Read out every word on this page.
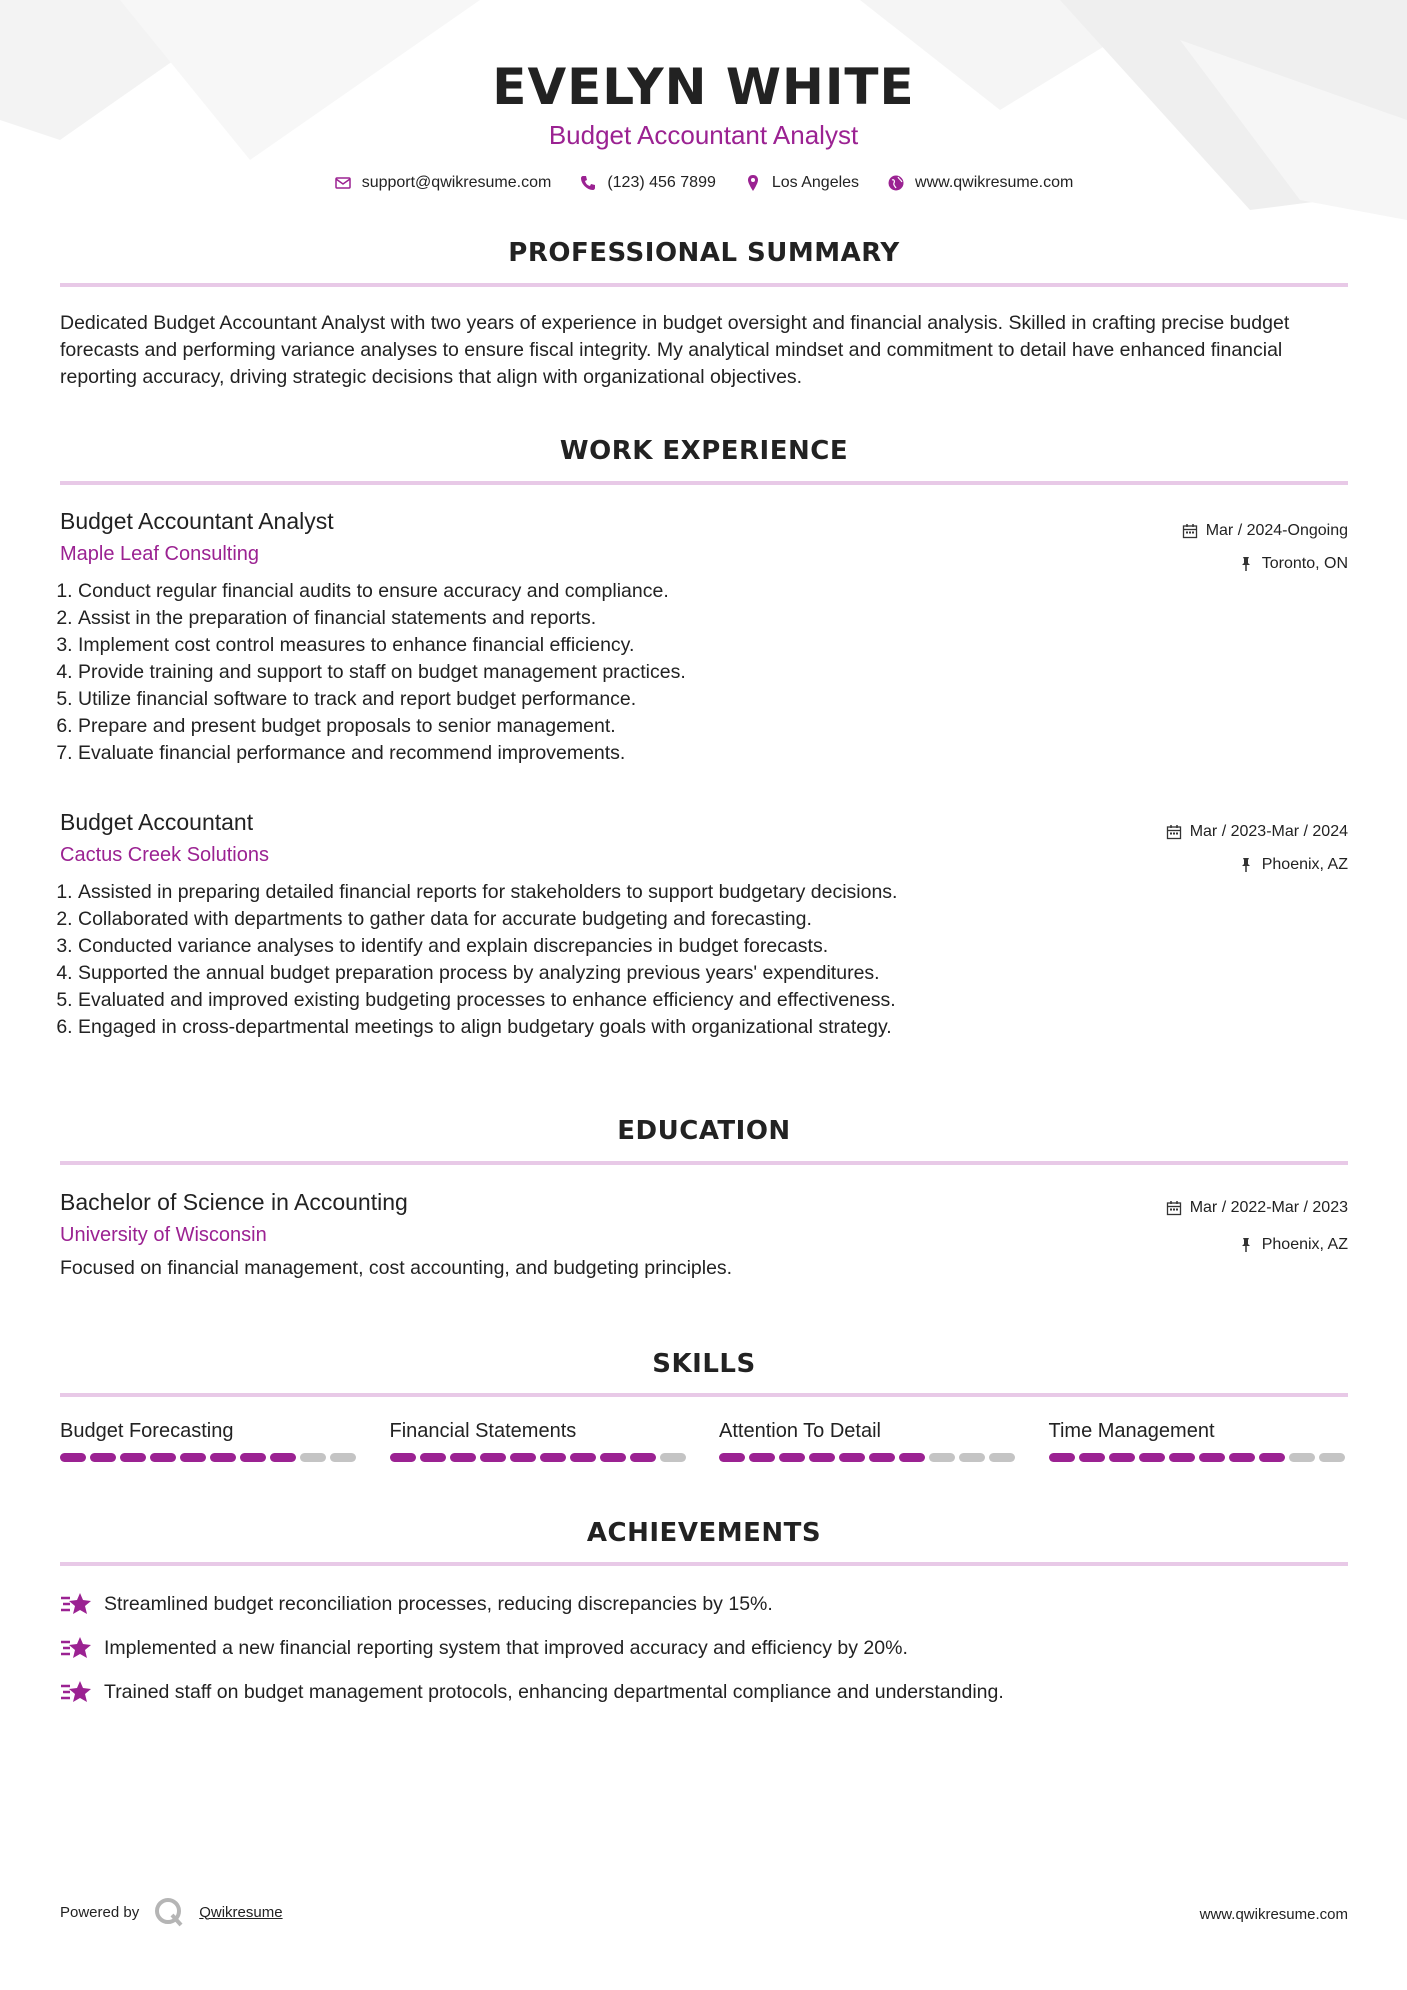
EVELYN WHITE
Budget Accountant Analyst
support@qwikresume.com	(123) 456 7899	Los Angeles	www.qwikresume.com
PROFESSIONAL SUMMARY
Dedicated Budget Accountant Analyst with two years of experience in budget oversight and financial analysis. Skilled in crafting precise budget forecasts and performing variance analyses to ensure fiscal integrity. My analytical mindset and commitment to detail have enhanced financial reporting accuracy, driving strategic decisions that align with organizational objectives.
WORK EXPERIENCE
Budget Accountant Analyst
Maple Leaf Consulting
Mar / 2024-Ongoing
Toronto, ON
1. Conduct regular financial audits to ensure accuracy and compliance.
2. Assist in the preparation of financial statements and reports.
3. Implement cost control measures to enhance financial efficiency.
4. Provide training and support to staff on budget management practices.
5. Utilize financial software to track and report budget performance.
6. Prepare and present budget proposals to senior management.
7. Evaluate financial performance and recommend improvements.
Budget Accountant
Cactus Creek Solutions
Mar / 2023-Mar / 2024
Phoenix, AZ
1. Assisted in preparing detailed financial reports for stakeholders to support budgetary decisions.
2. Collaborated with departments to gather data for accurate budgeting and forecasting.
3. Conducted variance analyses to identify and explain discrepancies in budget forecasts.
4. Supported the annual budget preparation process by analyzing previous years' expenditures.
5. Evaluated and improved existing budgeting processes to enhance efficiency and effectiveness.
6. Engaged in cross-departmental meetings to align budgetary goals with organizational strategy.
EDUCATION
Bachelor of Science in Accounting
University of Wisconsin
Mar / 2022-Mar / 2023
Phoenix, AZ
Focused on financial management, cost accounting, and budgeting principles.
SKILLS
Budget Forecasting	Financial Statements	Attention To Detail	Time Management
ACHIEVEMENTS
Streamlined budget reconciliation processes, reducing discrepancies by 15%.
Implemented a new financial reporting system that improved accuracy and efficiency by 20%.
Trained staff on budget management protocols, enhancing departmental compliance and understanding.
Powered by	Qwikresume	www.qwikresume.com
